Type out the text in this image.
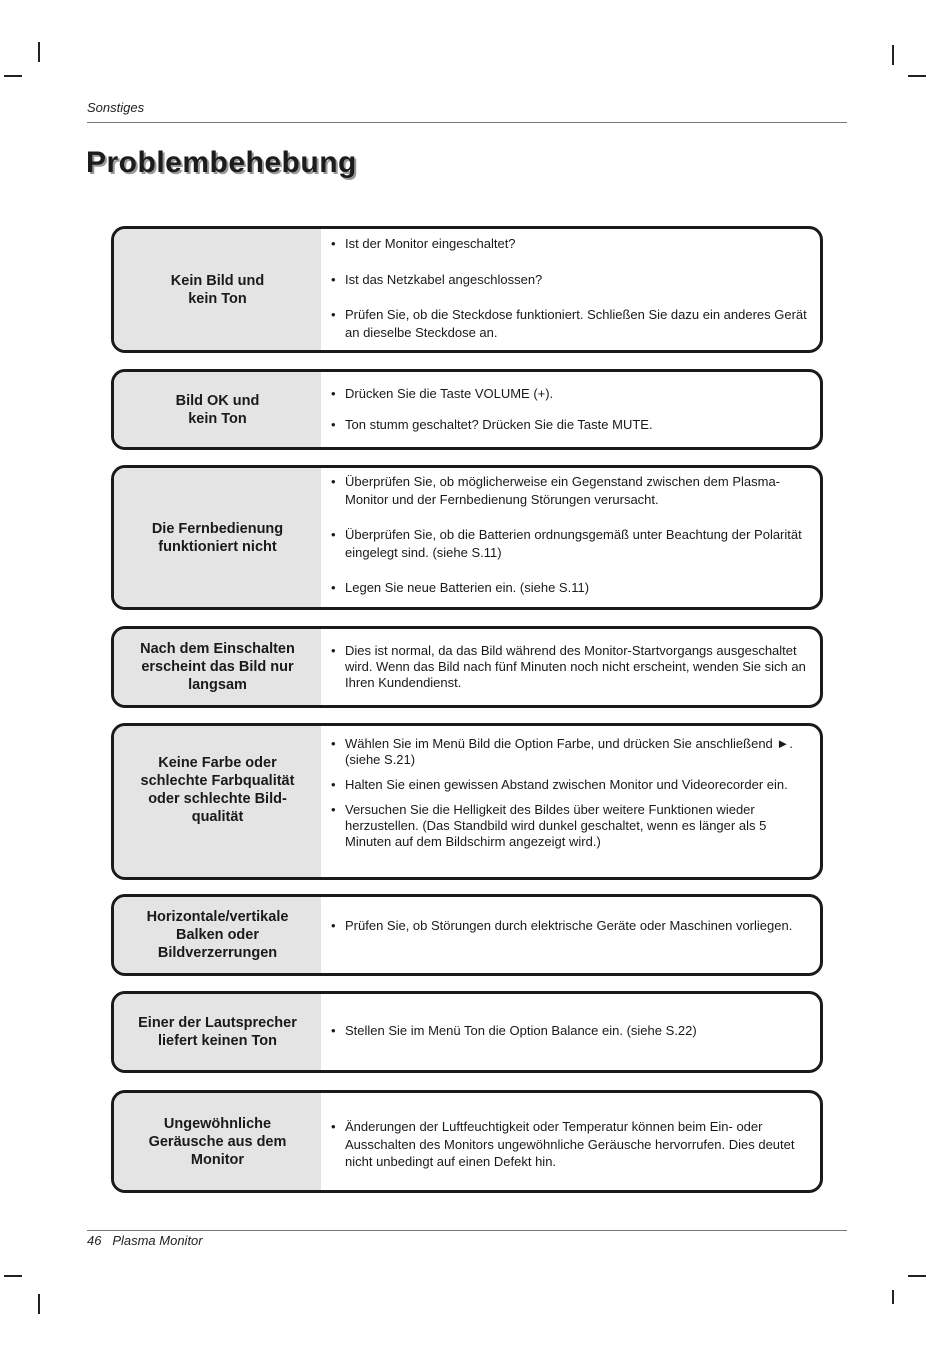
Sonstiges
Problembehebung
Kein Bild und
kein Ton
• Ist der Monitor eingeschaltet?
• Ist das Netzkabel angeschlossen?
• Prüfen Sie, ob die Steckdose funktioniert. Schließen Sie dazu ein anderes Gerät an dieselbe Steckdose an.
Bild OK und
kein Ton
• Drücken Sie die Taste VOLUME (+).
• Ton stumm geschaltet? Drücken Sie die Taste MUTE.
Die Fernbedienung
funktioniert nicht
• Überprüfen Sie, ob möglicherweise ein Gegenstand zwischen dem Plasma-Monitor und der Fernbedienung Störungen verursacht.
• Überprüfen Sie, ob die Batterien ordnungsgemäß unter Beachtung der Polarität eingelegt sind. (siehe S.11)
• Legen Sie neue Batterien ein. (siehe S.11)
Nach dem Einschalten
erscheint das Bild nur
langsam
• Dies ist normal, da das Bild während des Monitor-Startvorgangs ausgeschaltet wird. Wenn das Bild nach fünf Minuten noch nicht erscheint, wenden Sie sich an Ihren Kundendienst.
Keine Farbe oder
schlechte Farbqualität
oder schlechte Bild-
qualität
• Wählen Sie im Menü Bild die Option Farbe, und drücken Sie anschließend ►. (siehe S.21)
• Halten Sie einen gewissen Abstand zwischen Monitor und Videorecorder ein.
• Versuchen Sie die Helligkeit des Bildes über weitere Funktionen wieder herzustellen. (Das Standbild wird dunkel geschaltet, wenn es länger als 5 Minuten auf dem Bildschirm angezeigt wird.)
Horizontale/vertikale
Balken oder
Bildverzerrungen
• Prüfen Sie, ob Störungen durch elektrische Geräte oder Maschinen vorliegen.
Einer der Lautsprecher
liefert keinen Ton
• Stellen Sie im Menü Ton die Option Balance ein. (siehe S.22)
Ungewöhnliche
Geräusche aus dem
Monitor
• Änderungen der Luftfeuchtigkeit oder Temperatur können beim Ein- oder Ausschalten des Monitors ungewöhnliche Geräusche hervorrufen. Dies deutet nicht unbedingt auf einen Defekt hin.
46 Plasma Monitor
